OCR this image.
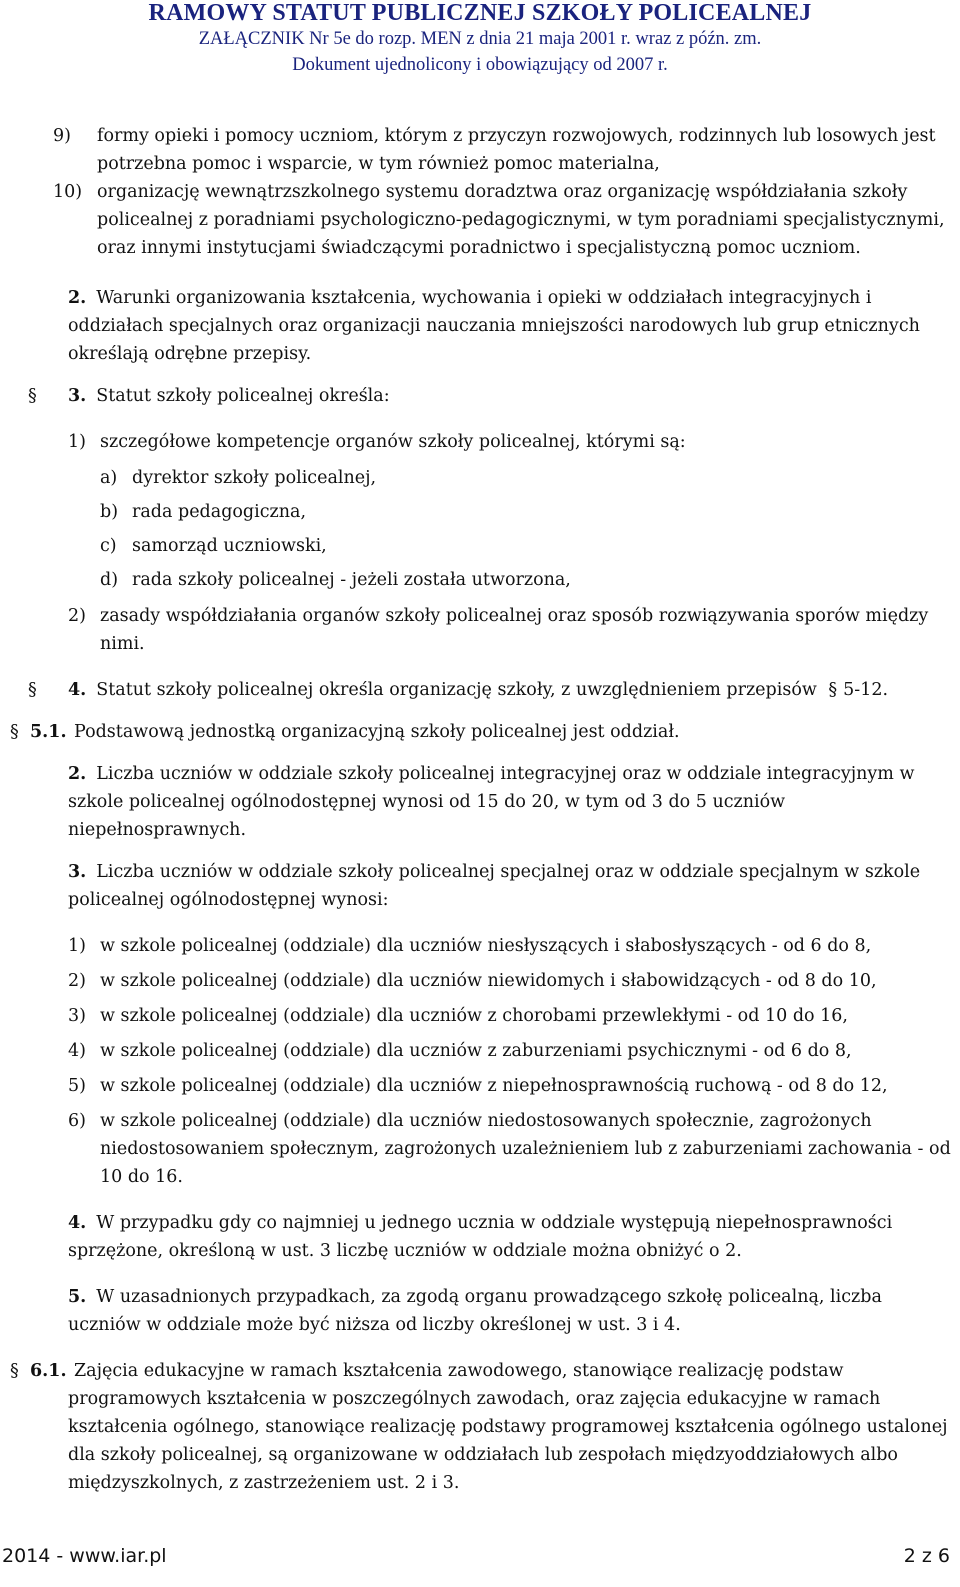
RAMOWY STATUT PUBLICZNEJ SZKOŁY POLICEALNEJ
ZAŁĄCZNIK Nr 5e do rozp. MEN z dnia 21 maja 2001 r. wraz z późn. zm.
Dokument ujednolicony i obowiązujący od 2007 r.
9) formy opieki i pomocy uczniom, którym z przyczyn rozwojowych, rodzinnych lub losowych jest potrzebna pomoc i wsparcie, w tym również pomoc materialna,
10) organizację wewnątrzszkolnego systemu doradztwa oraz organizację współdziałania szkoły policealnej z poradniami psychologiczno-pedagogicznymi, w tym poradniami specjalistycznymi, oraz innymi instytucjami świadczącymi poradnictwo i specjalistyczną pomoc uczniom.
2. Warunki organizowania kształcenia, wychowania i opieki w oddziałach integracyjnych i oddziałach specjalnych oraz organizacji nauczania mniejszości narodowych lub grup etnicznych określają odrębne przepisy.
§ 3. Statut szkoły policealnej określa:
1) szczegółowe kompetencje organów szkoły policealnej, którymi są:
a) dyrektor szkoły policealnej,
b) rada pedagogiczna,
c) samorząd uczniowski,
d) rada szkoły policealnej - jeżeli została utworzona,
2) zasady współdziałania organów szkoły policealnej oraz sposób rozwiązywania sporów między nimi.
§ 4. Statut szkoły policealnej określa organizację szkoły, z uwzględnieniem przepisów § 5-12.
§ 5.1. Podstawową jednostką organizacyjną szkoły policealnej jest oddział.
2. Liczba uczniów w oddziale szkoły policealnej integracyjnej oraz w oddziale integracyjnym w szkole policealnej ogólnodostępnej wynosi od 15 do 20, w tym od 3 do 5 uczniów niepełnosprawnych.
3. Liczba uczniów w oddziale szkoły policealnej specjalnej oraz w oddziale specjalnym w szkole policealnej ogólnodostępnej wynosi:
1) w szkole policealnej (oddziale) dla uczniów niesłyszących i słabosłyszących - od 6 do 8,
2) w szkole policealnej (oddziale) dla uczniów niewidomych i słabowidzących - od 8 do 10,
3) w szkole policealnej (oddziale) dla uczniów z chorobami przewlekłymi - od 10 do 16,
4) w szkole policealnej (oddziale) dla uczniów z zaburzeniami psychicznymi - od 6 do 8,
5) w szkole policealnej (oddziale) dla uczniów z niepełnosprawnością ruchową - od 8 do 12,
6) w szkole policealnej (oddziale) dla uczniów niedostosowanych społecznie, zagrożonych niedostosowaniem społecznym, zagrożonych uzależnieniem lub z zaburzeniami zachowania - od 10 do 16.
4. W przypadku gdy co najmniej u jednego ucznia w oddziale występują niepełnosprawności sprzężone, określoną w ust. 3 liczbę uczniów w oddziale można obniżyć o 2.
5. W uzasadnionych przypadkach, za zgodą organu prowadzącego szkołę policealną, liczba uczniów w oddziale może być niższa od liczby określonej w ust. 3 i 4.
§ 6.1. Zajęcia edukacyjne w ramach kształcenia zawodowego, stanowiące realizację podstaw programowych kształcenia w poszczególnych zawodach, oraz zajęcia edukacyjne w ramach kształcenia ogólnego, stanowiące realizację podstawy programowej kształcenia ogólnego ustalonej dla szkoły policealnej, są organizowane w oddziałach lub zespołach międzyoddziałowych albo międzyszkolnych, z zastrzeżeniem ust. 2 i 3.
2014 - www.iar.pl	2 z 6
